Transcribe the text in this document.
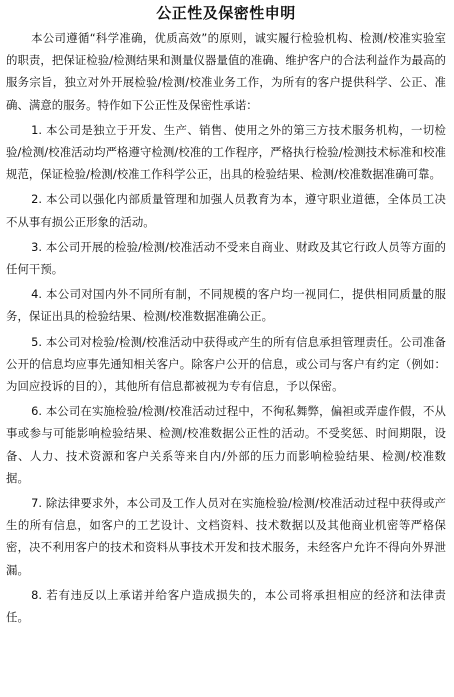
公正性及保密性申明

本公司遵循“科学准确，优质高效”的原则，诚实履行检验机构、检测/校准实验室的职责，把保证检验/检测结果和测量仪器量值的准确、维护客户的合法利益作为最高的服务宗旨，独立对外开展检验/检测/校准业务工作，为所有的客户提供科学、公正、准确、满意的服务。特作如下公正性及保密性承诺：

1. 本公司是独立于开发、生产、销售、使用之外的第三方技术服务机构，一切检验/检测/校准活动均严格遵守检测/校准的工作程序，严格执行检验/检测技术标准和校准规范，保证检验/检测/校准工作科学公正，出具的检验结果、检测/校准数据准确可靠。

2. 本公司以强化内部质量管理和加强人员教育为本，遵守职业道德，全体员工决不从事有损公正形象的活动。

3. 本公司开展的检验/检测/校准活动不受来自商业、财政及其它行政人员等方面的任何干预。

4. 本公司对国内外不同所有制，不同规模的客户均一视同仁，提供相同质量的服务，保证出具的检验结果、检测/校准数据准确公正。

5. 本公司对检验/检测/校准活动中获得或产生的所有信息承担管理责任。公司准备公开的信息均应事先通知相关客户。除客户公开的信息，或公司与客户有约定（例如：为回应投诉的目的），其他所有信息都被视为专有信息，予以保密。

6. 本公司在实施检验/检测/校准活动过程中，不徇私舞弊，偏袒或弄虚作假，不从事或参与可能影响检验结果、检测/校准数据公正性的活动。不受奖惩、时间期限，设备、人力、技术资源和客户关系等来自内/外部的压力而影响检验结果、检测/校准数据。

7. 除法律要求外，本公司及工作人员对在实施检验/检测/校准活动过程中获得或产生的所有信息，如客户的工艺设计、文档资料、技术数据以及其他商业机密等严格保密，决不利用客户的技术和资料从事技术开发和技术服务，未经客户允许不得向外界泄漏。

8. 若有违反以上承诺并给客户造成损失的，本公司将承担相应的经济和法律责任。
